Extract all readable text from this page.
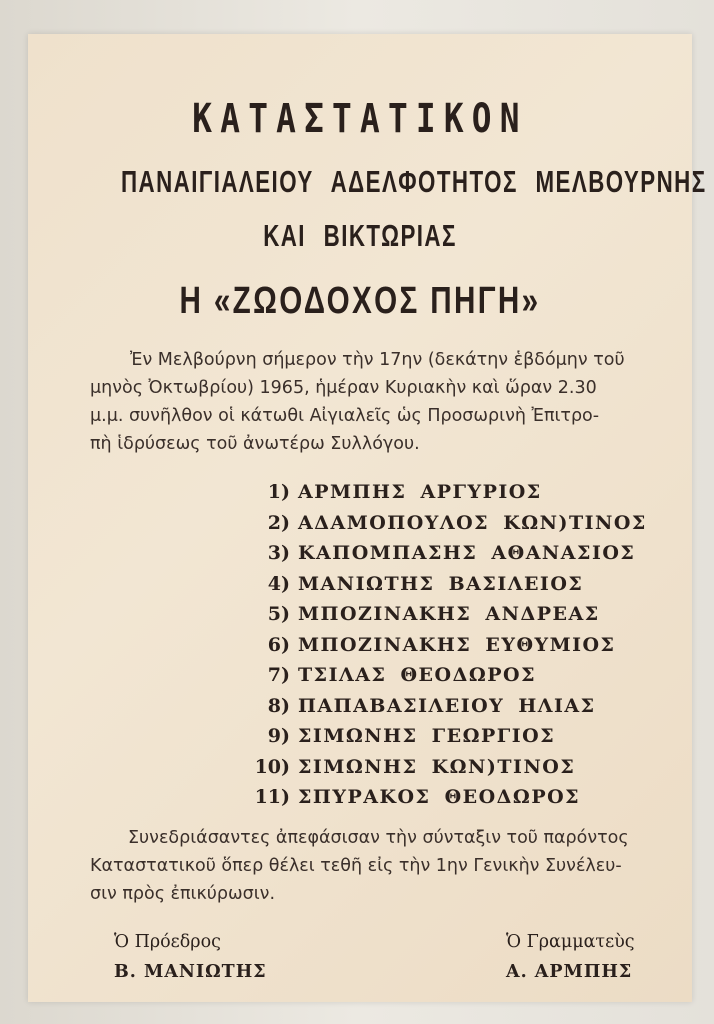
ΚΑΤΑΣΤΑΤΙΚΟΝ
ΠΑΝΑΙΓΙΑΛΕΙΟΥ ΑΔΕΛΦΟΤΗΤΟΣ ΜΕΛΒΟΥΡΝΗΣ
ΚΑΙ ΒΙΚΤΩΡΙΑΣ
Η «ΖΩΟΔΟΧΟΣ ΠΗΓΗ»
Ἐν Μελβούρνη σήμερον τὴν 17ην (δεκάτην ἑβδόμην τοῦ
μηνὸς Ὀκτωβρίου) 1965, ἡμέραν Κυριακὴν καὶ ὥραν 2.30
μ.μ. συνῆλθον οἱ κάτωθι Αἰγιαλεῖς ὡς Προσωρινὴ Ἐπιτρο-
πὴ ἱδρύσεως τοῦ ἀνωτέρω Συλλόγου.
1) ΑΡΜΠΗΣ ΑΡΓΥΡΙΟΣ
2) ΑΔΑΜΟΠΟΥΛΟΣ ΚΩΝ)ΤΙΝΟΣ
3) ΚΑΠΟΜΠΑΣΗΣ ΑΘΑΝΑΣΙΟΣ
4) ΜΑΝΙΩΤΗΣ ΒΑΣΙΛΕΙΟΣ
5) ΜΠΟΖΙΝΑΚΗΣ ΑΝΔΡΕΑΣ
6) ΜΠΟΖΙΝΑΚΗΣ ΕΥΘΥΜΙΟΣ
7) ΤΣΙΛΑΣ ΘΕΟΔΩΡΟΣ
8) ΠΑΠΑΒΑΣΙΛΕΙΟΥ ΗΛΙΑΣ
9) ΣΙΜΩΝΗΣ ΓΕΩΡΓΙΟΣ
10) ΣΙΜΩΝΗΣ ΚΩΝ)ΤΙΝΟΣ
11) ΣΠΥΡΑΚΟΣ ΘΕΟΔΩΡΟΣ
Συνεδριάσαντες ἀπεφάσισαν τὴν σύνταξιν τοῦ παρόντος
Καταστατικοῦ ὅπερ θέλει τεθῆ εἰς τὴν 1ην Γενικὴν Συνέλευ-
σιν πρὸς ἐπικύρωσιν.
Ὁ Πρόεδρος
Β. ΜΑΝΙΩΤΗΣ
Ὁ Γραμματεὺς
Α. ΑΡΜΠΗΣ
